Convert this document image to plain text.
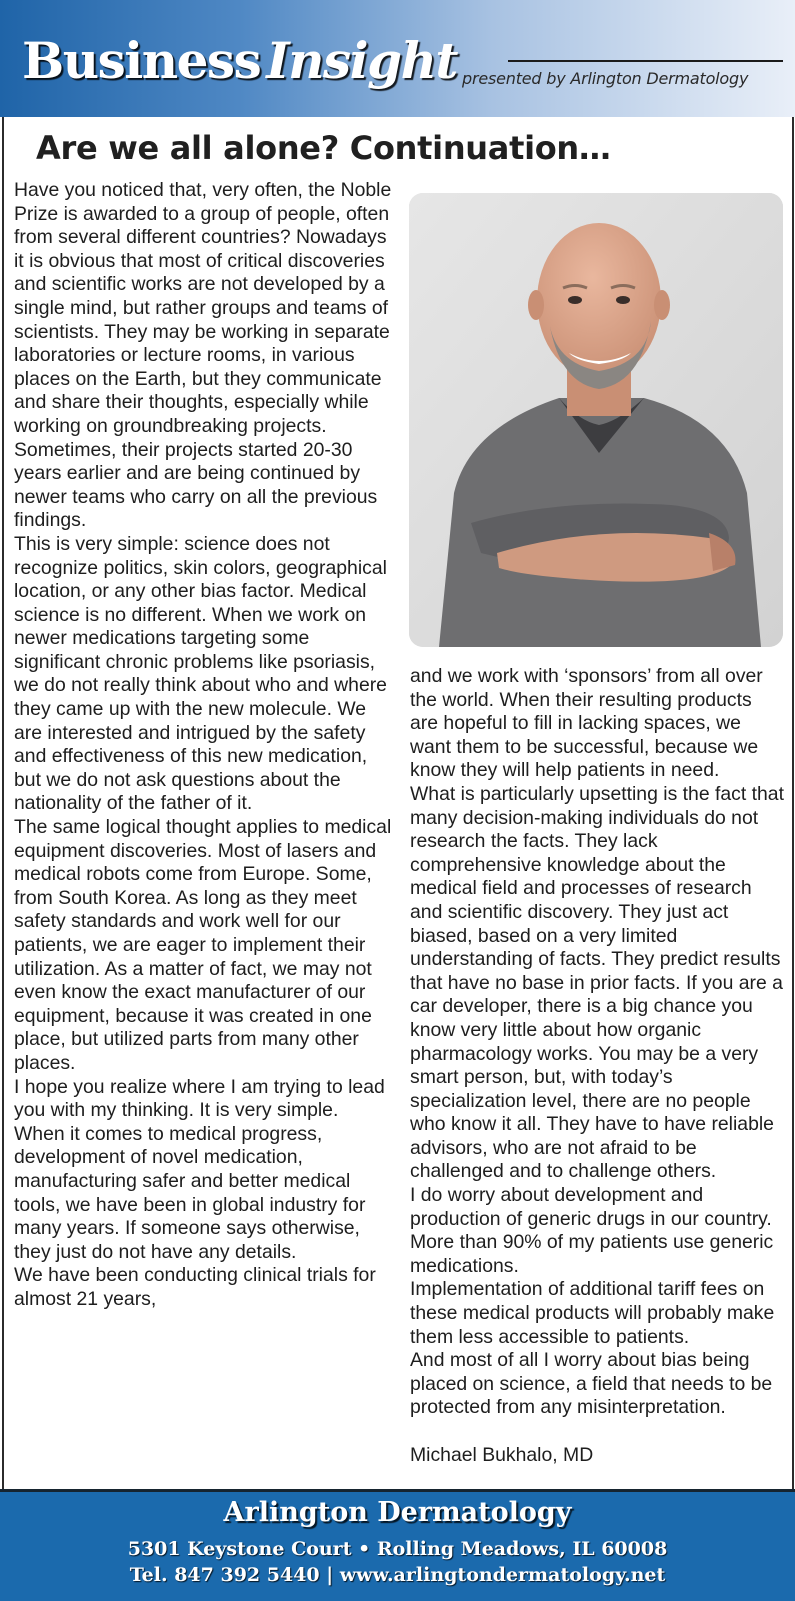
Business Insight presented by Arlington Dermatology
Are we all alone? Continuation…

Have you noticed that, very often, the Noble Prize is awarded to a group of people, often from several different countries? Nowadays it is obvious that most of critical discoveries and scientific works are not developed by a single mind, but rather groups and teams of scientists. They may be working in separate laboratories or lecture rooms, in various places on the Earth, but they communicate and share their thoughts, especially while working on groundbreaking projects. Sometimes, their projects started 20-30 years earlier and are being continued by newer teams who carry on all the previous findings.

This is very simple: science does not recognize politics, skin colors, geographical location, or any other bias factor. Medical science is no different. When we work on newer medications targeting some significant chronic problems like psoriasis, we do not really think about who and where they came up with the new molecule. We are interested and intrigued by the safety and effectiveness of this new medication, but we do not ask questions about the nationality of the father of it.

The same logical thought applies to medical equipment discoveries. Most of lasers and medical robots come from Europe. Some, from South Korea. As long as they meet safety standards and work well for our patients, we are eager to implement their utilization. As a matter of fact, we may not even know the exact manufacturer of our equipment, because it was created in one place, but utilized parts from many other places.

I hope you realize where I am trying to lead you with my thinking. It is very simple. When it comes to medical progress, development of novel medication, manufacturing safer and better medical tools, we have been in global industry for many years. If someone says otherwise, they just do not have any details.

We have been conducting clinical trials for almost 21 years,

and we work with ‘sponsors’ from all over the world. When their resulting products are hopeful to fill in lacking spaces, we want them to be successful, because we know they will help patients in need.

What is particularly upsetting is the fact that many decision-making individuals do not research the facts. They lack comprehensive knowledge about the medical field and processes of research and scientific discovery. They just act biased, based on a very limited understanding of facts. They predict results that have no base in prior facts. If you are a car developer, there is a big chance you know very little about how organic pharmacology works. You may be a very smart person, but, with today’s specialization level, there are no people who know it all. They have to have reliable advisors, who are not afraid to be challenged and to challenge others.

I do worry about development and production of generic drugs in our country. More than 90% of my patients use generic medications.

Implementation of additional tariff fees on these medical products will probably make them less accessible to patients.

And most of all I worry about bias being placed on science, a field that needs to be protected from any misinterpretation.

Michael Bukhalo, MD

Arlington Dermatology
5301 Keystone Court • Rolling Meadows, IL 60008
Tel. 847 392 5440 | www.arlingtondermatology.net
